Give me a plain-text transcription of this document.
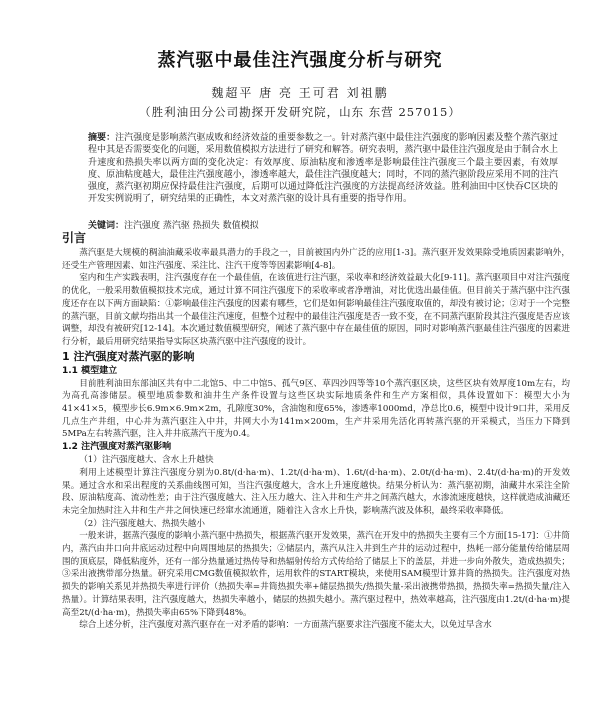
蒸汽驱中最佳注汽强度分析与研究
魏超平 唐 亮 王可君 刘祖鹏
（胜利油田分公司勘探开发研究院，山东 东营 257015）
摘要：注汽强度是影响蒸汽驱成败和经济效益的重要参数之一。针对蒸汽驱中最佳注汽强度的影响因素及整个蒸汽驱过程中其是否需要变化的问题，采用数值模拟方法进行了研究和解答。研究表明，蒸汽驱中最佳注汽强度是由于制合水上升速度和热损失率以两方面的变化决定：有效厚度、原油粘度和渗透率是影响最佳注汽强度三个最主要因素，有效厚度、原油粘度越大，最佳注汽强度越小，渗透率越大，最佳注汽强度越大；同时，不同的蒸汽驱阶段应采用不同的注汽强度，蒸汽驱初期应保持最佳注汽强度，后期可以通过降低注汽强度的方法提高经济效益。胜利油田中区快吞C区块的开发实例说明了，研究结果的正确性，本文对蒸汽驱的设计具有重要的指导作用。
关键词：注汽强度 蒸汽驱 热损失 数值模拟
引言

蒸汽驱是大规模的稠油油藏采收率最具潜力的手段之一，目前被国内外广泛的应用[1-3]。蒸汽驱开发效果除受地质因素影响外，还受生产管理因素、如注汽强度、采注比、注汽干度等等因素影响[4-8]。

室内和生产实践表明，注汽强度存在一个最佳值，在该值进行注汽驱，采收率和经济效益最大化[9-11]。蒸汽驱项目中对注汽强度的优化，一般采用数值模拟技术完成，通过计算不同注汽强度下的采收率或者净增油，对比优选出最佳值。但目前关于蒸汽驱中注汽强度还存在以下两方面缺陷：①影响最佳注汽强度的因素有哪些，它们是如何影响最佳注汽强度取值的，却没有被讨论；②对于一个完整的蒸汽驱，目前文献均指出其一个最佳注汽速度，但整个过程中的最佳注汽强度是否一致不变，在不同蒸汽驱阶段其注汽强度是否应该调整，却没有被研究[12-14]。本次通过数值模型研究，阐述了蒸汽驱中存在最佳值的原因，同时对影响蒸汽驱最佳注汽强度的因素进行分析，最后用研究结果指导实际区块蒸汽驱中注汽强度的设计。

1 注汽强度对蒸汽驱的影响
1.1 模型建立

目前胜利油田东部油区共有中二北馆5、中二中馆5、孤气9区、草四沙四等等10个蒸汽驱区块，这些区块有效厚度10m左右，均为高孔高渗储层。模型地质参数和油井生产条件设置与这些区块实际地质条件和生产方案相似，具体设置如下：模型大小为41×41×5，模型步长6.9m×6.9m×2m，孔隙度30%，含油饱和度65%，渗透率1000md，净总比0.6，模型中设计9口井，采用反几点生产井组，中心井为蒸汽驱注入中井，井网大小为141m×200m，生产井采用先活化再转蒸汽驱的开采模式，当压力下降到5MPa左右转蒸汽驱，注入井井底蒸汽干度为0.4。

1.2 注汽强度对蒸汽驱影响

（1）注汽强度越大、含水上升越快

利用上述模型计算注汽强度分别为0.8t/(d·ha·m)、1.2t/(d·ha·m)、1.6t/(d·ha·m)、2.0t/(d·ha·m)、2.4t/(d·ha·m)的开发效果。通过含水和采出程度的关系曲线图可知，当注汽强度越大，含水上升速度越快。结果分析认为：蒸汽驱初期，油藏井水采注全阶段、原油粘度高、流动性差；由于注汽强度越大、注入压力越大、注入井和生产井之间蒸汽越大，水渗流速度越快，这样就造成油藏还未完全加热时注入井和生产井之间快速已经窜水流通道，随着注入含水上升快，影响蒸汽波及体积，最终采收率降低。

（2）注汽强度越大、热损失越小

一般来讲，据蒸汽强度的影响小蒸汽驱中热损失，根据蒸汽驱开发效果，蒸汽在开发中的热损失主要有三个方面[15-17]：①井筒内，蒸汽由井口向井底运动过程中向周围地层的热损失；②储层内，蒸汽从注入井到生产井的运动过程中，热耗一部分能量传给储层周围的顶底层，降低粘度外，还有一部分热量通过热传导和热辐射传给方式传给给了储层上下的盖层，并进一步向外散失，造成热损失；③采出液携带部分热量。研究采用CMG数值模拟软件，运用软件的START模块，来使用SAM模型计算井筒的热损失。注汽强度对热损失的影响关系见并热损失率进行评价（热损失率=井筒热损失率+储层热损失/热损失量-采出液携带热损，热损失率=热损失量/注入热量）。计算结果表明，注汽强度越大，热损失率越小，储层的热损失越小。蒸汽驱过程中，热效率越高，注汽强度由1.2t/(d·ha·m)提高至2t/(d·ha·m)，热损失率由65%下降到48%。

综合上述分析，注汽强度对蒸汽驱存在一对矛盾的影响：一方面蒸汽驱要求注汽强度不能太大，以免过早含水
